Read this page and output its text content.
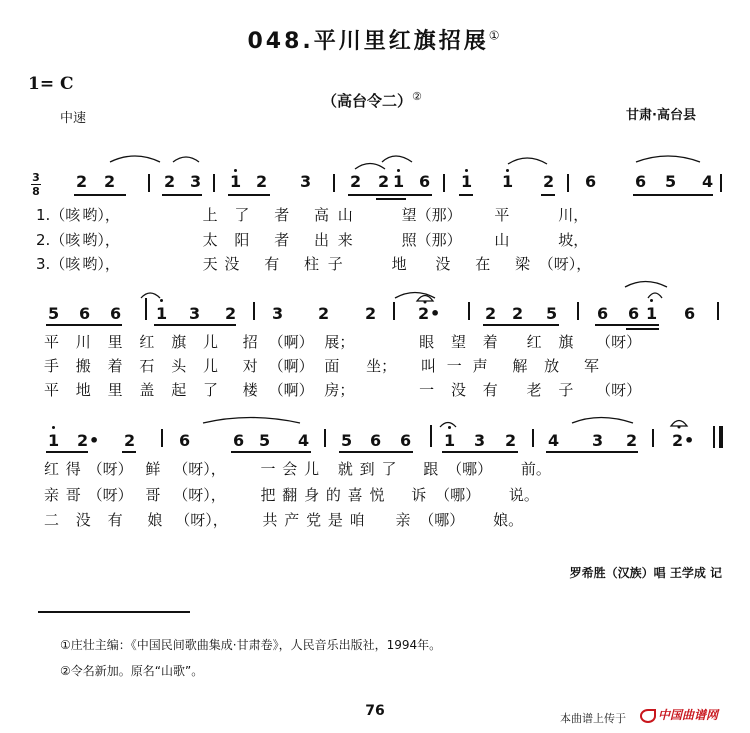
048.平川里红旗招展①
1= C
中速
（高台令二）②
甘肃·高台县
3
8
2 2	2 3 1 2 3 2 2 1 6 1 1 2 6 6 5 4
1.（咳 哟），	上 了 者 高 山	望（那） 平	川，
2.（咳 哟），	太 阳 者 出 来	照（那） 山	坡，
3.（咳 哟），	天 没 有 柱 子	地 没 在 梁 （呀），
5 6 6 1 3 2 3 2 2	2 •	2 2 5 6 6 1 6
平 川 里 红 旗 儿 招 （啊） 展；	眼 望 着 红 旗 （呀）
手 搬 着 石 头 儿 对 （啊） 面 坐； 叫 一 声 解 放 军
平 地 里 盖 起 了 楼 （啊） 房；	一 没 有 老 子 （呀）
1 2 • 2	6	6 5 4 5 6 6 1 3 2 4 3 2 2 •
红 得 （呀） 鲜 （呀）， 一 会 儿 就 到 了 跟 （哪） 前。
亲 哥 （呀） 哥 （呀）， 把 翻 身 的 喜 悦 诉 （哪） 说。
二 没 有 娘 （呀）， 共 产 党 是 咱 亲 （哪） 娘。
罗希胜（汉族）唱 王学成 记
①庄壮主编：《中国民间歌曲集成·甘肃卷》，人民音乐出版社，1994年。
②令名新加。原名“山歌”。
76	本曲谱上传于	中国曲谱网
